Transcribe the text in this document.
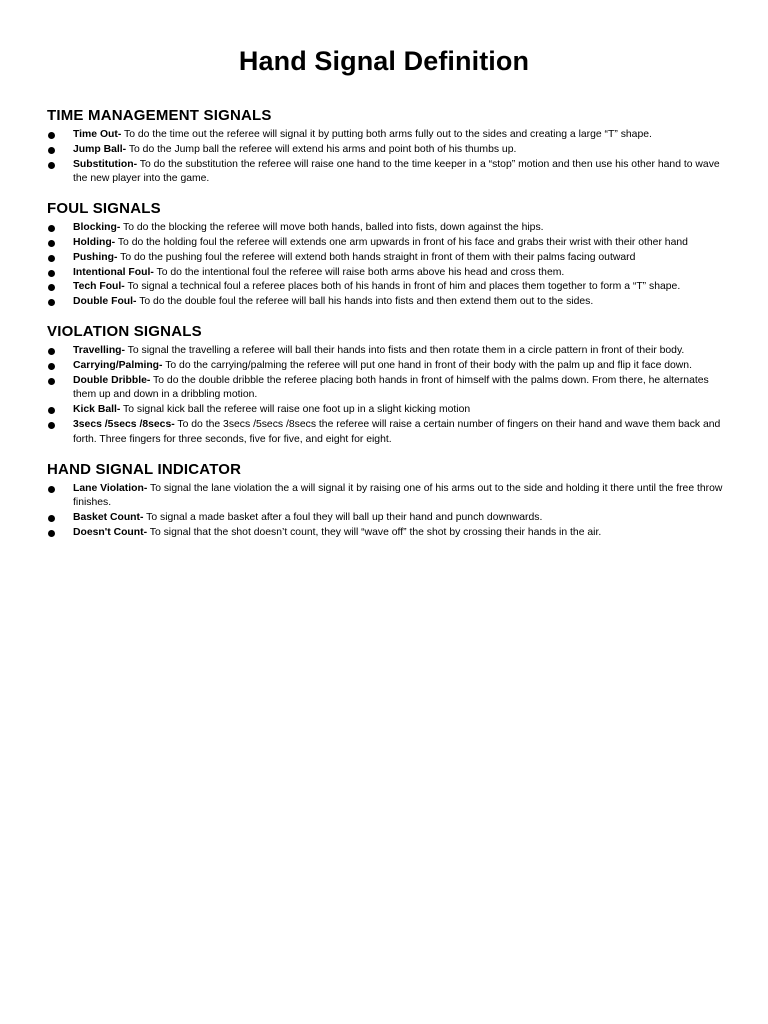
Hand Signal Definition
TIME MANAGEMENT SIGNALS
Time Out- To do the time out the referee will signal it by putting both arms fully out to the sides and creating a large “T” shape.
Jump Ball- To do the Jump ball the referee will extend his arms and point both of his thumbs up.
Substitution- To do the substitution the referee will raise one hand to the time keeper in a “stop” motion and then use his other hand to wave the new player into the game.
FOUL SIGNALS
Blocking- To do the blocking the referee will move both hands, balled into fists, down against the hips.
Holding- To do the holding foul the referee will extends one arm upwards in front of his face and grabs their wrist with their other hand
Pushing- To do the pushing foul the referee will extend both hands straight in front of them with their palms facing outward
Intentional Foul- To do the intentional foul the referee will raise both arms above his head and cross them.
Tech Foul- To signal a technical foul a referee places both of his hands in front of him and places them together to form a “T” shape.
Double Foul- To do the double foul the referee will ball his hands into fists and then extend them out to the sides.
VIOLATION SIGNALS
Travelling- To signal the travelling a referee will ball their hands into fists and then rotate them in a circle pattern in front of their body.
Carrying/Palming- To do the carrying/palming the referee will put one hand in front of their body with the palm up and flip it face down.
Double Dribble- To do the double dribble the referee placing both hands in front of himself with the palms down. From there, he alternates them up and down in a dribbling motion.
Kick Ball- To signal kick ball the referee will raise one foot up in a slight kicking motion
3secs /5secs /8secs- To do the 3secs /5secs /8secs the referee will raise a certain number of fingers on their hand and wave them back and forth. Three fingers for three seconds, five for five, and eight for eight.
HAND SIGNAL INDICATOR
Lane Violation- To signal the lane violation the a will signal it by raising one of his arms out to the side and holding it there until the free throw finishes.
Basket Count- To signal a made basket after a foul they will ball up their hand and punch downwards.
Doesn't Count- To signal that the shot doesn’t count, they will “wave off” the shot by crossing their hands in the air.
